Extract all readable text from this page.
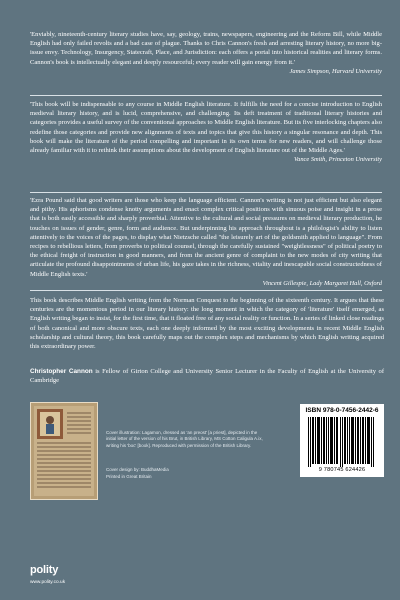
'Enviably, nineteenth-century literary studies have, say, geology, trains, newspapers, engineering and the Reform Bill, while Middle English had only failed revolts and a bad case of plague. Thanks to Chris Cannon's fresh and arresting literary history, no more big-issue envy. Technology, Insurgency, Statecraft, Place, and Jurisdiction: each offers a portal into historical realities and literary forms. Cannon's book is intellectually elegant and deeply resourceful; every reader will gain energy from it.'

James Simpson, Harvard University

'This book will be indispensable to any course in Middle English literature. It fulfills the need for a concise introduction to English medieval literary history, and is lucid, comprehensive, and challenging. Its deft treatment of traditional literary histories and categories provides a useful survey of the conventional approaches to Middle English literature. But its five interlocking chapters also redefine those categories and provide new alignments of texts and topics that give this history a singular resonance and depth. This book will make the literature of the period compelling and important in its own terms for new readers, and will challenge those already familiar with it to rethink their assumptions about the development of English literature out of the Middle Ages.'

Vance Smith, Princeton University

'Ezra Pound said that good writers are those who keep the language efficient. Cannon's writing is not just efficient but also elegant and pithy. His aphorisms condense knotty arguments and enact complex critical positions with sinuous poise and insight in a prose that is both easily accessible and sharply proverbial. Attentive to the cultural and social pressures on medieval literary production, he touches on issues of gender, genre, form and audience. But underpinning his approach throughout is a philologist's ability to listen attentively to the voices of the pages, to display what Nietzsche called "the leisurely art of the goldsmith applied to language". From recipes to rebellious letters, from proverbs to political counsel, through the carefully sustained "weightlessness" of political poetry to the ethical freight of instruction in good manners, and from the ancient genre of complaint to the new modes of city writing that articulate the profound disappointments of urban life, his gaze takes in the richness, vitality and inescapable social constructedness of Middle English texts.'

Vincent Gillespie, Lady Margaret Hall, Oxford

This book describes Middle English writing from the Norman Conquest to the beginning of the sixteenth century. It argues that these centuries are the momentous period in our literary history: the long moment in which the category of 'literature' itself emerged, as English writing began to insist, for the first time, that it floated free of any social reality or function. In a series of linked close readings of both canonical and more obscure texts, each one deeply informed by the most exciting developments in recent Middle English scholarship and cultural theory, this book carefully maps out the complex steps and mechanisms by which English writing acquired this extraordinary power.

Christopher Cannon is Fellow of Girton College and University Senior Lecturer in the Faculty of English at the University of Cambridge

Cover illustration: Lagamon, dressed as 'an preost' [a priest], depicted in the initial letter of the version of his Brut, in British Library, MS Cotton Caligula A.ix, writing his 'boc' [book]. Reproduced with permission of the British Library.

Cover design by: BuddhaMedia

Printed in Great Britain

ISBN 978-0-7456-2442-6
9 780745 624426
polity
www.polity.co.uk
